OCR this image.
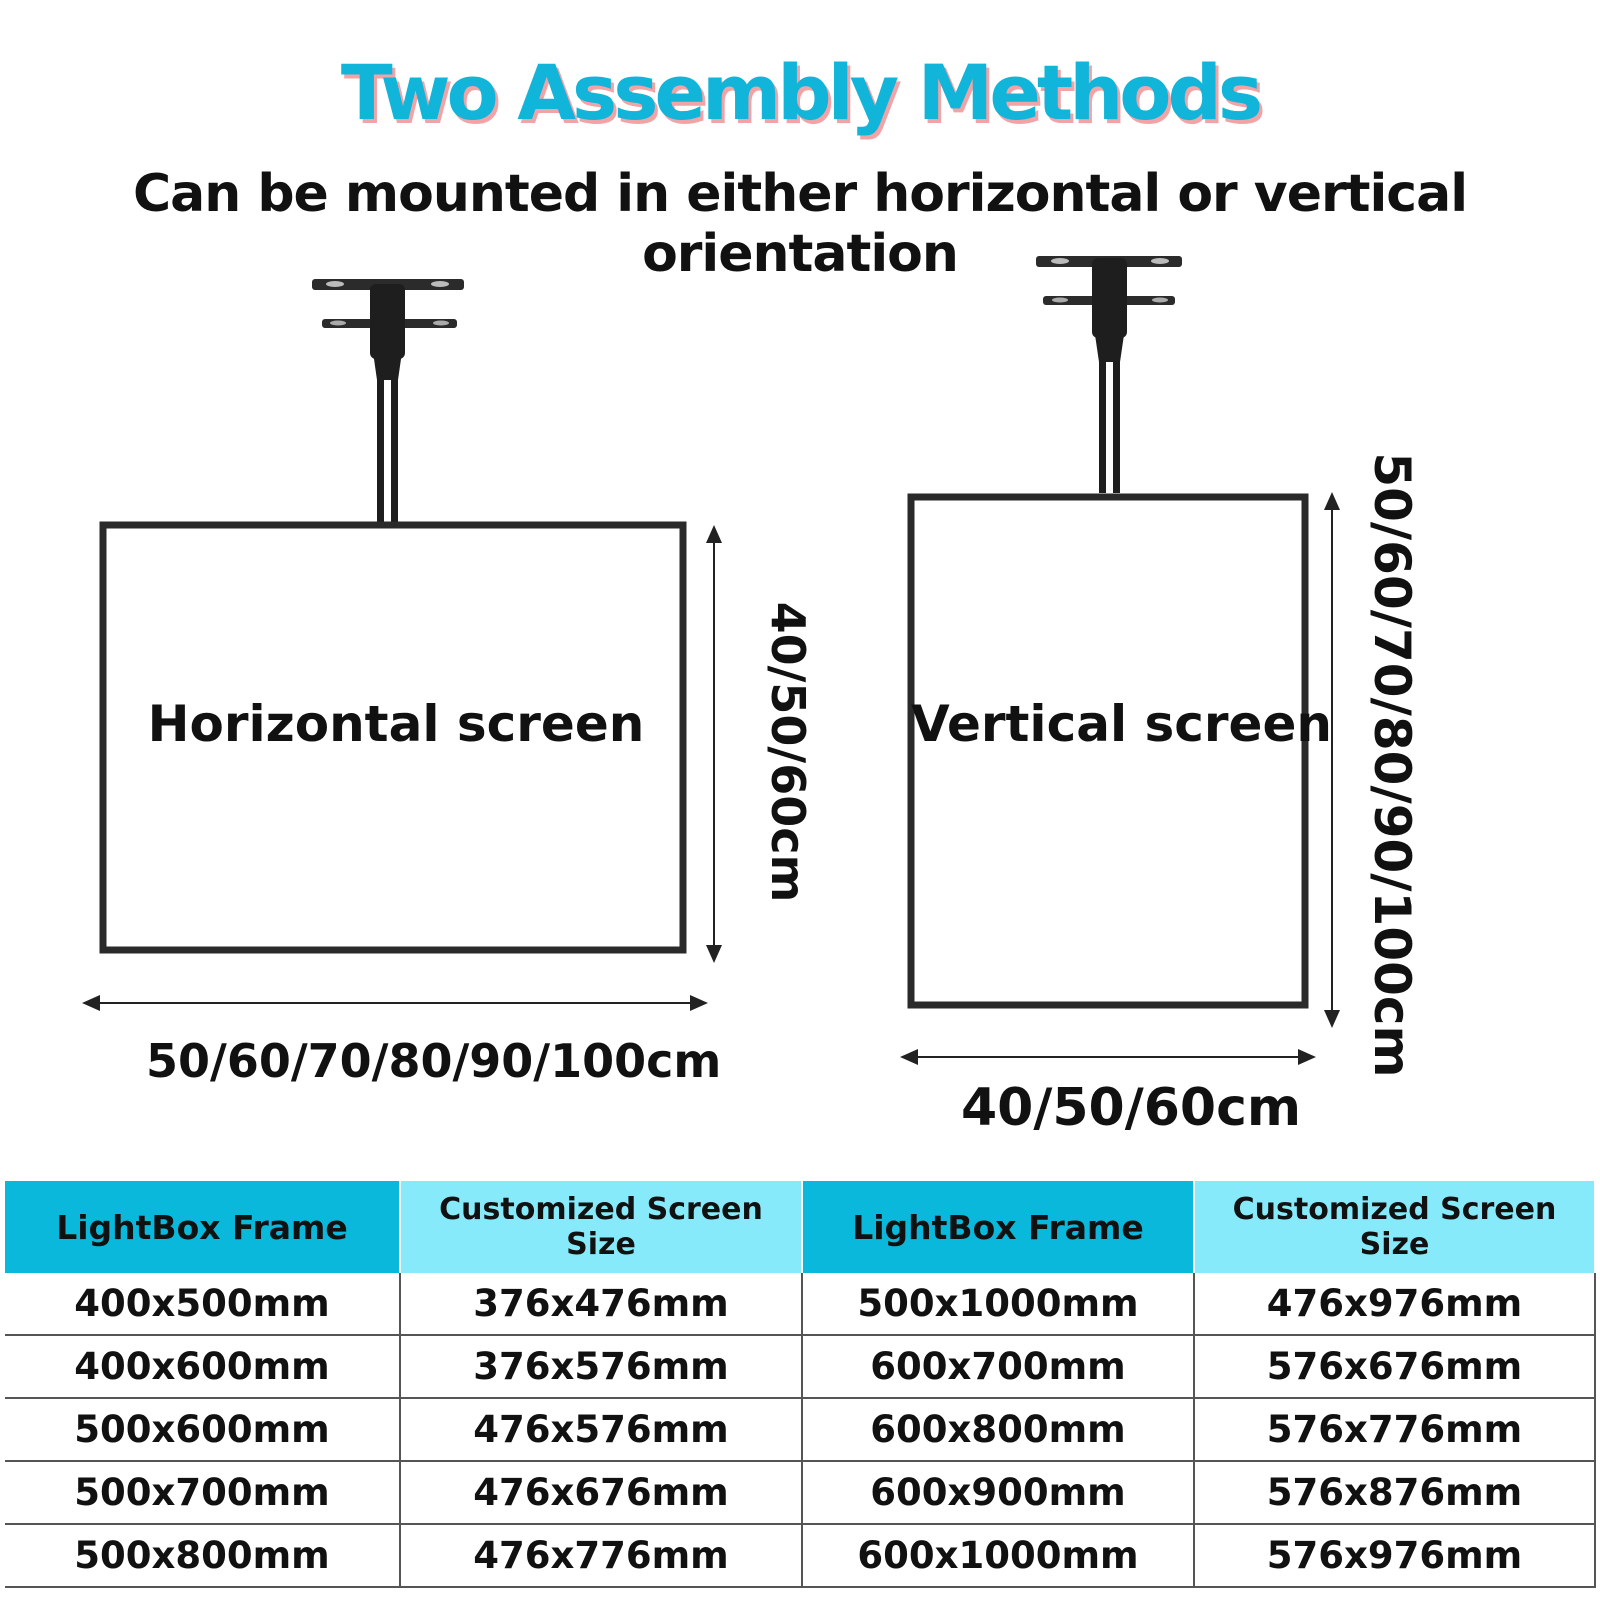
Two Assembly Methods
Can be mounted in either horizontal or vertical orientation
Horizontal screen	40/50/60cm
50/60/70/80/90/100cm
Vertical screen 50/60/70/80/90/100cm
40/50/60cm
LightBox Frame	Customized Screen Size	LightBox Frame	Customized Screen Size
400x500mm	376x476mm	500x1000mm	476x976mm
400x600mm	376x576mm	600x700mm	576x676mm
500x600mm	476x576mm	600x800mm	576x776mm
500x700mm	476x676mm	600x900mm	576x876mm
500x800mm	476x776mm	600x1000mm	576x976mm
